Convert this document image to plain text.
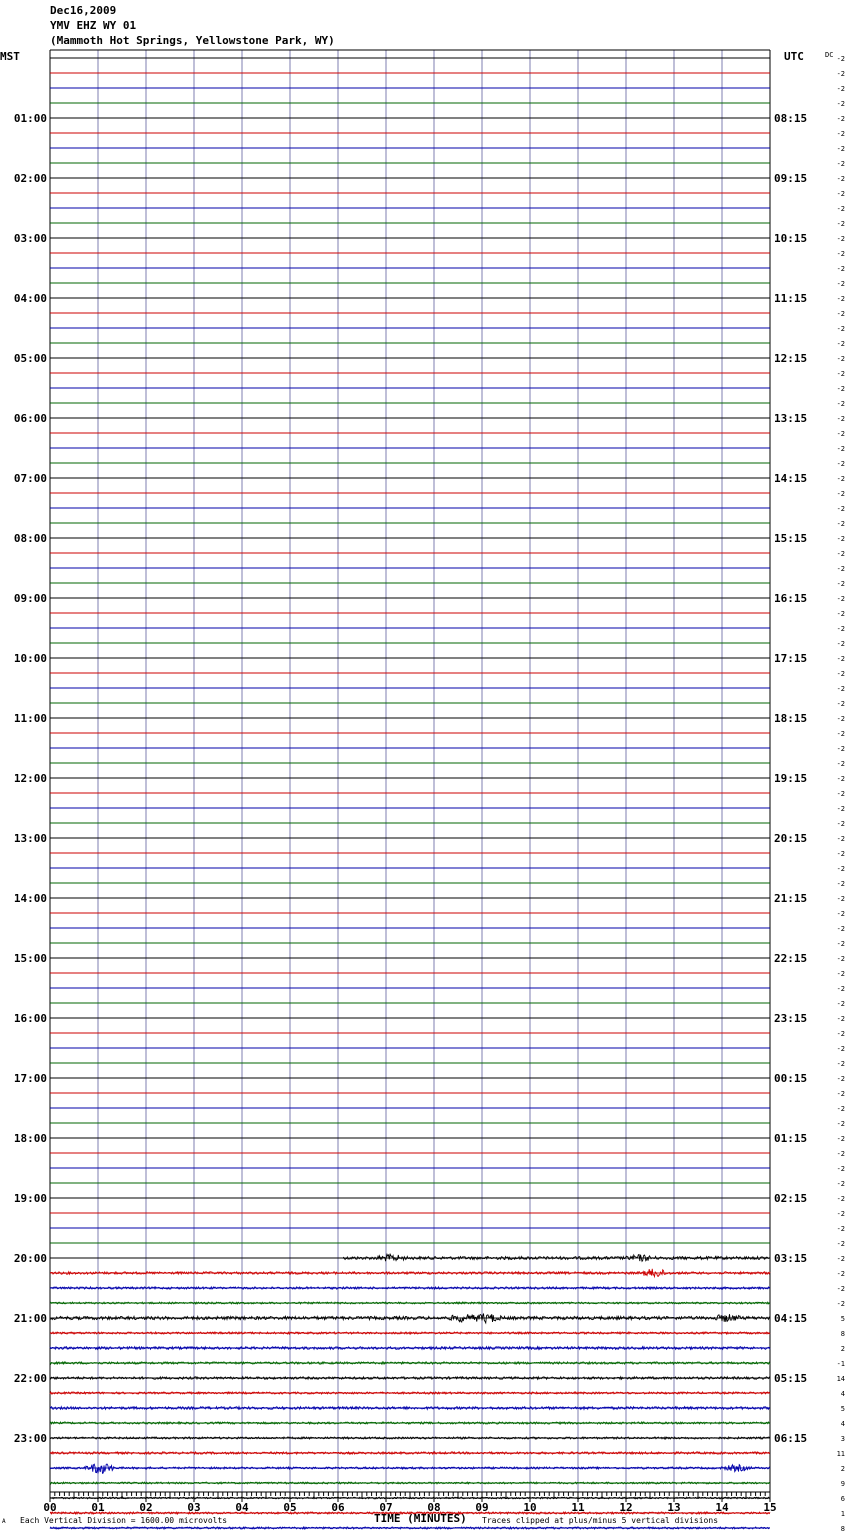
Dec16,2009
YMV EHZ WY 01
(Mammoth Hot Springs, Yellowstone Park, WY)
00	01	02	03	04	05	06	07	08	09	10	11	12	13	14	15
-2
-2
-2
-2
-2
-2
-2
-2
-2
-2
-2
-2
-2
-2
-2
-2
-2
-2
-2
-2
-2
-2
-2
-2
-2
-2
-2
-2
-2
-2
-2
-2
-2
-2
-2
-2
-2
-2
-2
-2
-2
-2
-2
-2
-2
-2
-2
-2
-2
-2
-2
-2
-2
-2
-2
-2
-2
-2
-2
-2
-2
-2
-2
-2
-2
-2
-2
-2
-2
-2
-2
-2
-2
-2
-2
-2
-2
-2
-2
-2
-2
-2
-2
-2
5
8
2
-1
14
4
5
4
3
11
2
9
6
1
8
MST	UTC	DC
01:00
02:00
03:00
04:00
05:00
06:00
07:00
08:00
09:00
10:00
11:00
12:00
13:00
14:00
15:00
16:00
17:00
18:00
19:00
20:00
21:00
22:00
23:00
08:15
09:15
10:15
11:15
12:15
13:15
14:15
15:15
16:15
17:15
18:15
19:15
20:15
21:15
22:15
23:15
00:15
01:15
02:15
03:15
04:15
05:15
06:15
A Each Vertical Division = 1600.00 microvolts	TIME (MINUTES) Traces clipped at plus/minus 5 vertical divisions
